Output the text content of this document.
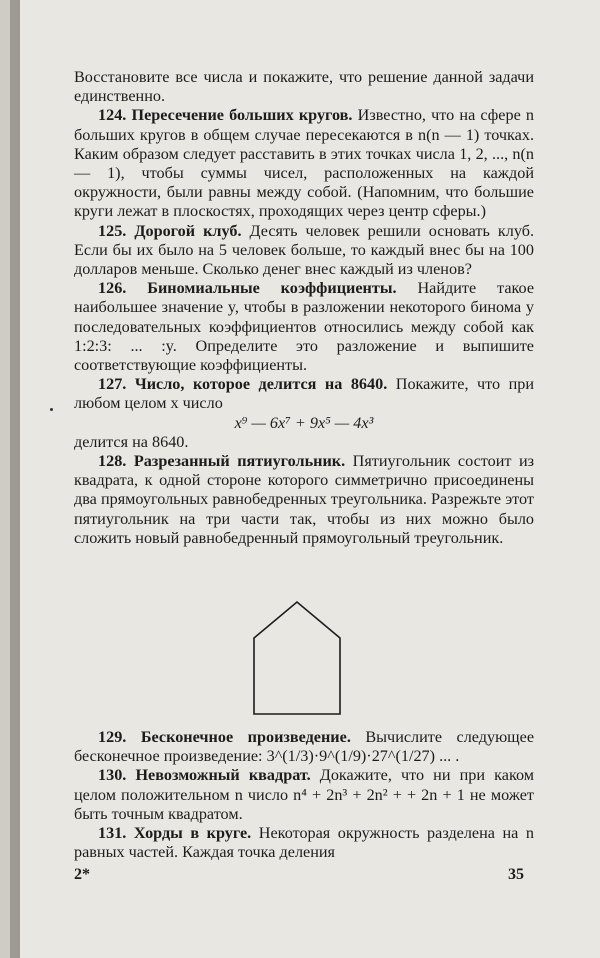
Восстановите все числа и покажите, что решение данной задачи единственно.

124. Пересечение больших кругов. Известно, что на сфере n больших кругов в общем случае пересекаются в n(n — 1) точках. Каким образом следует расставить в этих точках числа 1, 2, ..., n(n — 1), чтобы суммы чисел, расположенных на каждой окружности, были равны между собой. (Напомним, что большие круги лежат в плоскостях, проходящих через центр сферы.)

125. Дорогой клуб. Десять человек решили основать клуб. Если бы их было на 5 человек больше, то каждый внес бы на 100 долларов меньше. Сколько денег внес каждый из членов?

126. Биномиальные коэффициенты. Найдите такое наибольшее значение y, чтобы в разложении некоторого бинома y последовательных коэффициентов относились между собой как 1:2:3: ... :y. Определите это разложение и выпишите соответствующие коэффициенты.

127. Число, которое делится на 8640. Покажите, что при любом целом x число

x⁹ — 6x⁷ + 9x⁵ — 4x³

делится на 8640.

128. Разрезанный пятиугольник. Пятиугольник состоит из квадрата, к одной стороне которого симметрично присоединены два прямоугольных равнобедренных треугольника. Разрежьте этот пятиугольник на три части так, чтобы из них можно было сложить новый равнобедренный прямоугольный треугольник.

129. Бесконечное произведение. Вычислите следующее бесконечное произведение: 3^(1/3)·9^(1/9)·27^(1/27) ... .

130. Невозможный квадрат. Докажите, что ни при каком целом положительном n число n⁴ + 2n³ + 2n² + + 2n + 1 не может быть точным квадратом.

131. Хорды в круге. Некоторая окружность разделена на n равных частей. Каждая точка деления

2*	35
